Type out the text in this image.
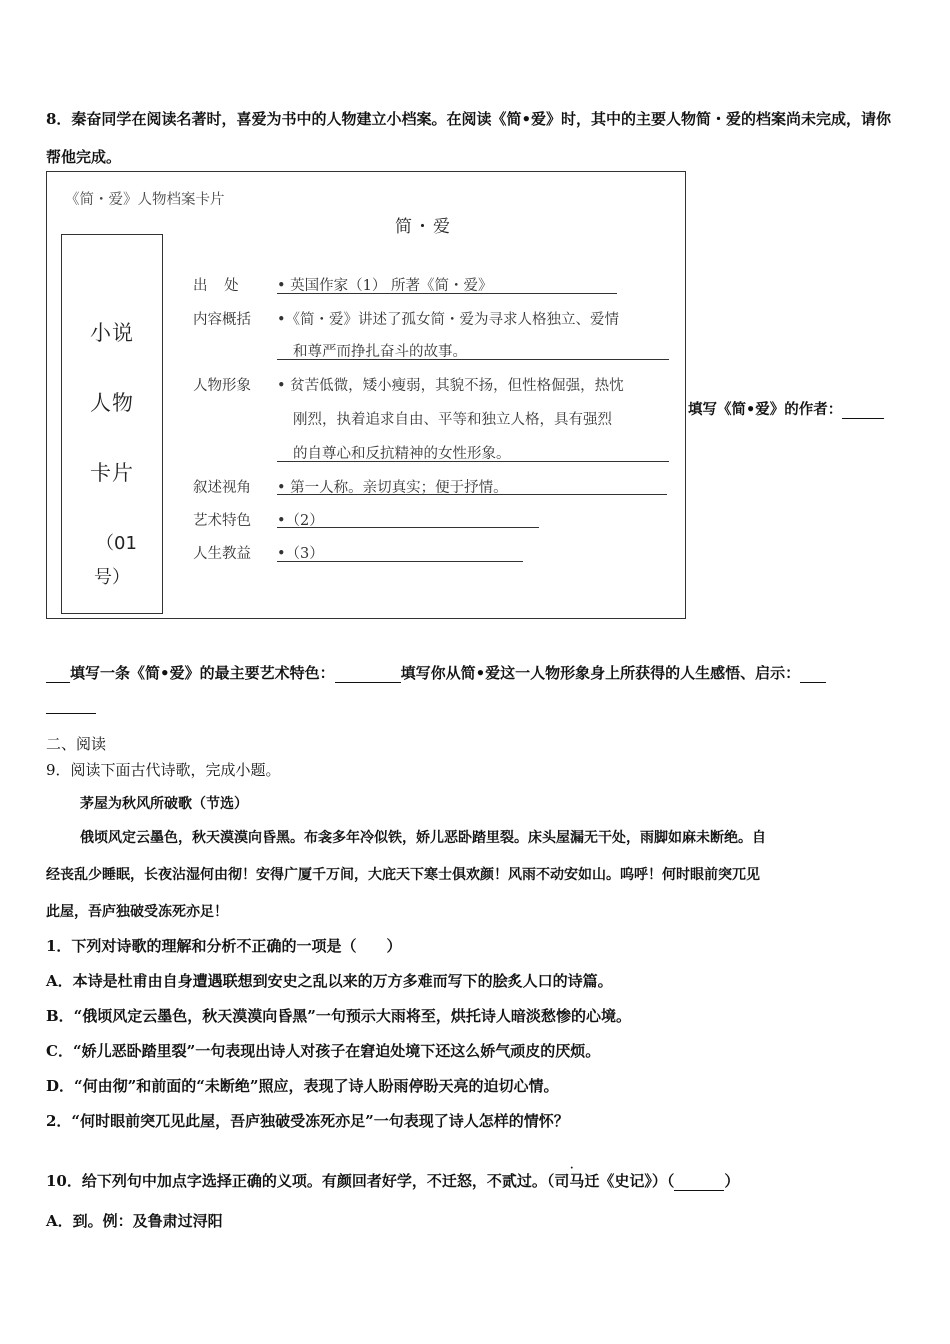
8．秦奋同学在阅读名著时，喜爱为书中的人物建立小档案。在阅读《简•爱》时，其中的主要人物简・爱的档案尚未完成，请你帮他完成。
《简・爱》人物档案卡片
简・爱
小说
人物
卡片
（01
号）
出 处 • 英国作家（1） 所著《简・爱》
内容概括 •《简・爱》讲述了孤女简・爱为寻求人格独立、爱情
和尊严而挣扎奋斗的故事。
人物形象 • 贫苦低微，矮小瘦弱，其貌不扬，但性格倔强，热忱
刚烈，执着追求自由、平等和独立人格，具有强烈
的自尊心和反抗精神的女性形象。
叙述视角 • 第一人称。亲切真实；便于抒情。
艺术特色 •（2）
人生教益 •（3）
填写《简•爱》的作者：
填写一条《简•爱》的最主要艺术特色：	填写你从简•爱这一人物形象身上所获得的人生感悟、启示：
二、阅读
9．阅读下面古代诗歌，完成小题。
茅屋为秋风所破歌（节选）
俄顷风定云墨色，秋天漠漠向昏黑。布衾多年冷似铁，娇儿恶卧踏里裂。床头屋漏无干处，雨脚如麻未断绝。自
经丧乱少睡眠，长夜沾湿何由彻！安得广厦千万间，大庇天下寒士俱欢颜！风雨不动安如山。呜呼！何时眼前突兀见
此屋，吾庐独破受冻死亦足！
1．下列对诗歌的理解和分析不正确的一项是（　　）
A．本诗是杜甫由自身遭遇联想到安史之乱以来的万方多难而写下的脍炙人口的诗篇。
B．“俄顷风定云墨色，秋天漠漠向昏黑”一句预示大雨将至，烘托诗人暗淡愁惨的心境。
C．“娇儿恶卧踏里裂”一句表现出诗人对孩子在窘迫处境下还这么娇气顽皮的厌烦。
D．“何由彻”和前面的“未断绝”照应，表现了诗人盼雨停盼天亮的迫切心情。
2．“何时眼前突兀见此屋，吾庐独破受冻死亦足”一句表现了诗人怎样的情怀？
10．给下列句中加点字选择正确的义项。有颜回者好学，不迁怒，不贰过。（司马迁《史记》）（	）
·
A．到。例：及鲁肃过浔阳
